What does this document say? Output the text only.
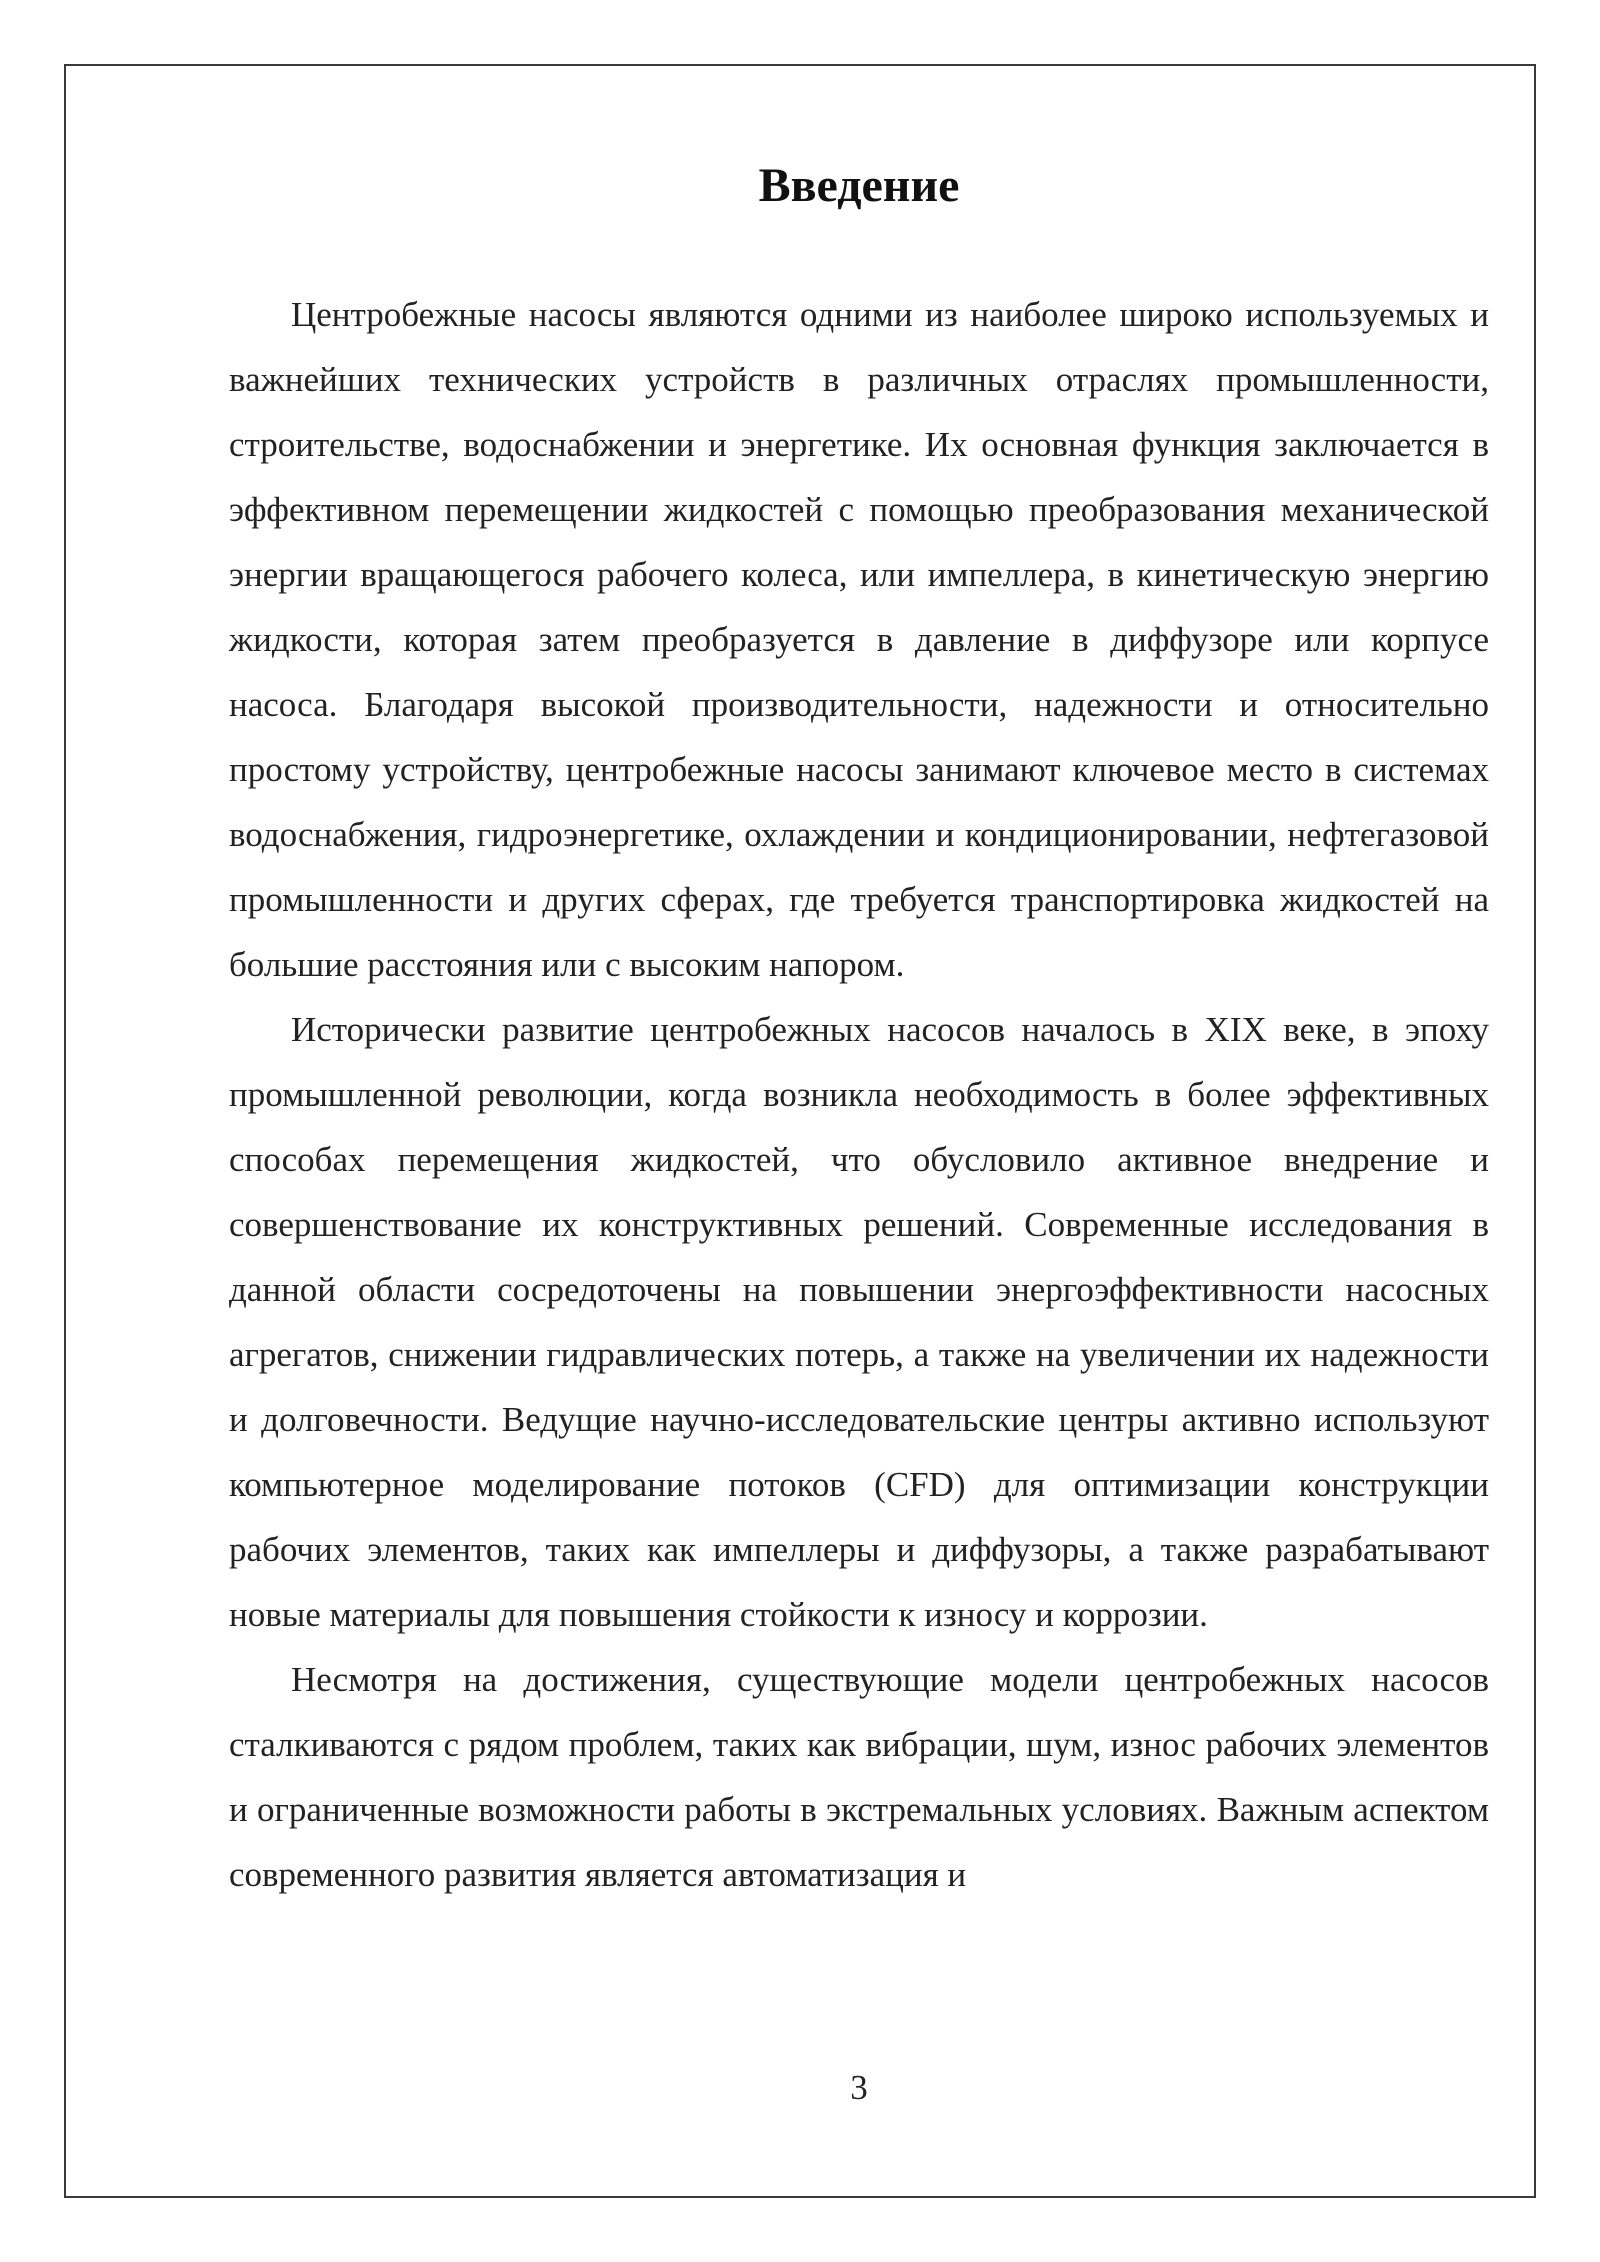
Введение

Центробежные насосы являются одними из наиболее широко используемых и важнейших технических устройств в различных отраслях промышленности, строительстве, водоснабжении и энергетике. Их основная функция заключается в эффективном перемещении жидкостей с помощью преобразования механической энергии вращающегося рабочего колеса, или импеллера, в кинетическую энергию жидкости, которая затем преобразуется в давление в диффузоре или корпусе насоса. Благодаря высокой производительности, надежности и относительно простому устройству, центробежные насосы занимают ключевое место в системах водоснабжения, гидроэнергетике, охлаждении и кондиционировании, нефтегазовой промышленности и других сферах, где требуется транспортировка жидкостей на большие расстояния или с высоким напором.

Исторически развитие центробежных насосов началось в XIX веке, в эпоху промышленной революции, когда возникла необходимость в более эффективных способах перемещения жидкостей, что обусловило активное внедрение и совершенствование их конструктивных решений. Современные исследования в данной области сосредоточены на повышении энергоэффективности насосных агрегатов, снижении гидравлических потерь, а также на увеличении их надежности и долговечности. Ведущие научно-исследовательские центры активно используют компьютерное моделирование потоков (CFD) для оптимизации конструкции рабочих элементов, таких как импеллеры и диффузоры, а также разрабатывают новые материалы для повышения стойкости к износу и коррозии.

Несмотря на достижения, существующие модели центробежных насосов сталкиваются с рядом проблем, таких как вибрации, шум, износ рабочих элементов и ограниченные возможности работы в экстремальных условиях. Важным аспектом современного развития является автоматизация и

3
